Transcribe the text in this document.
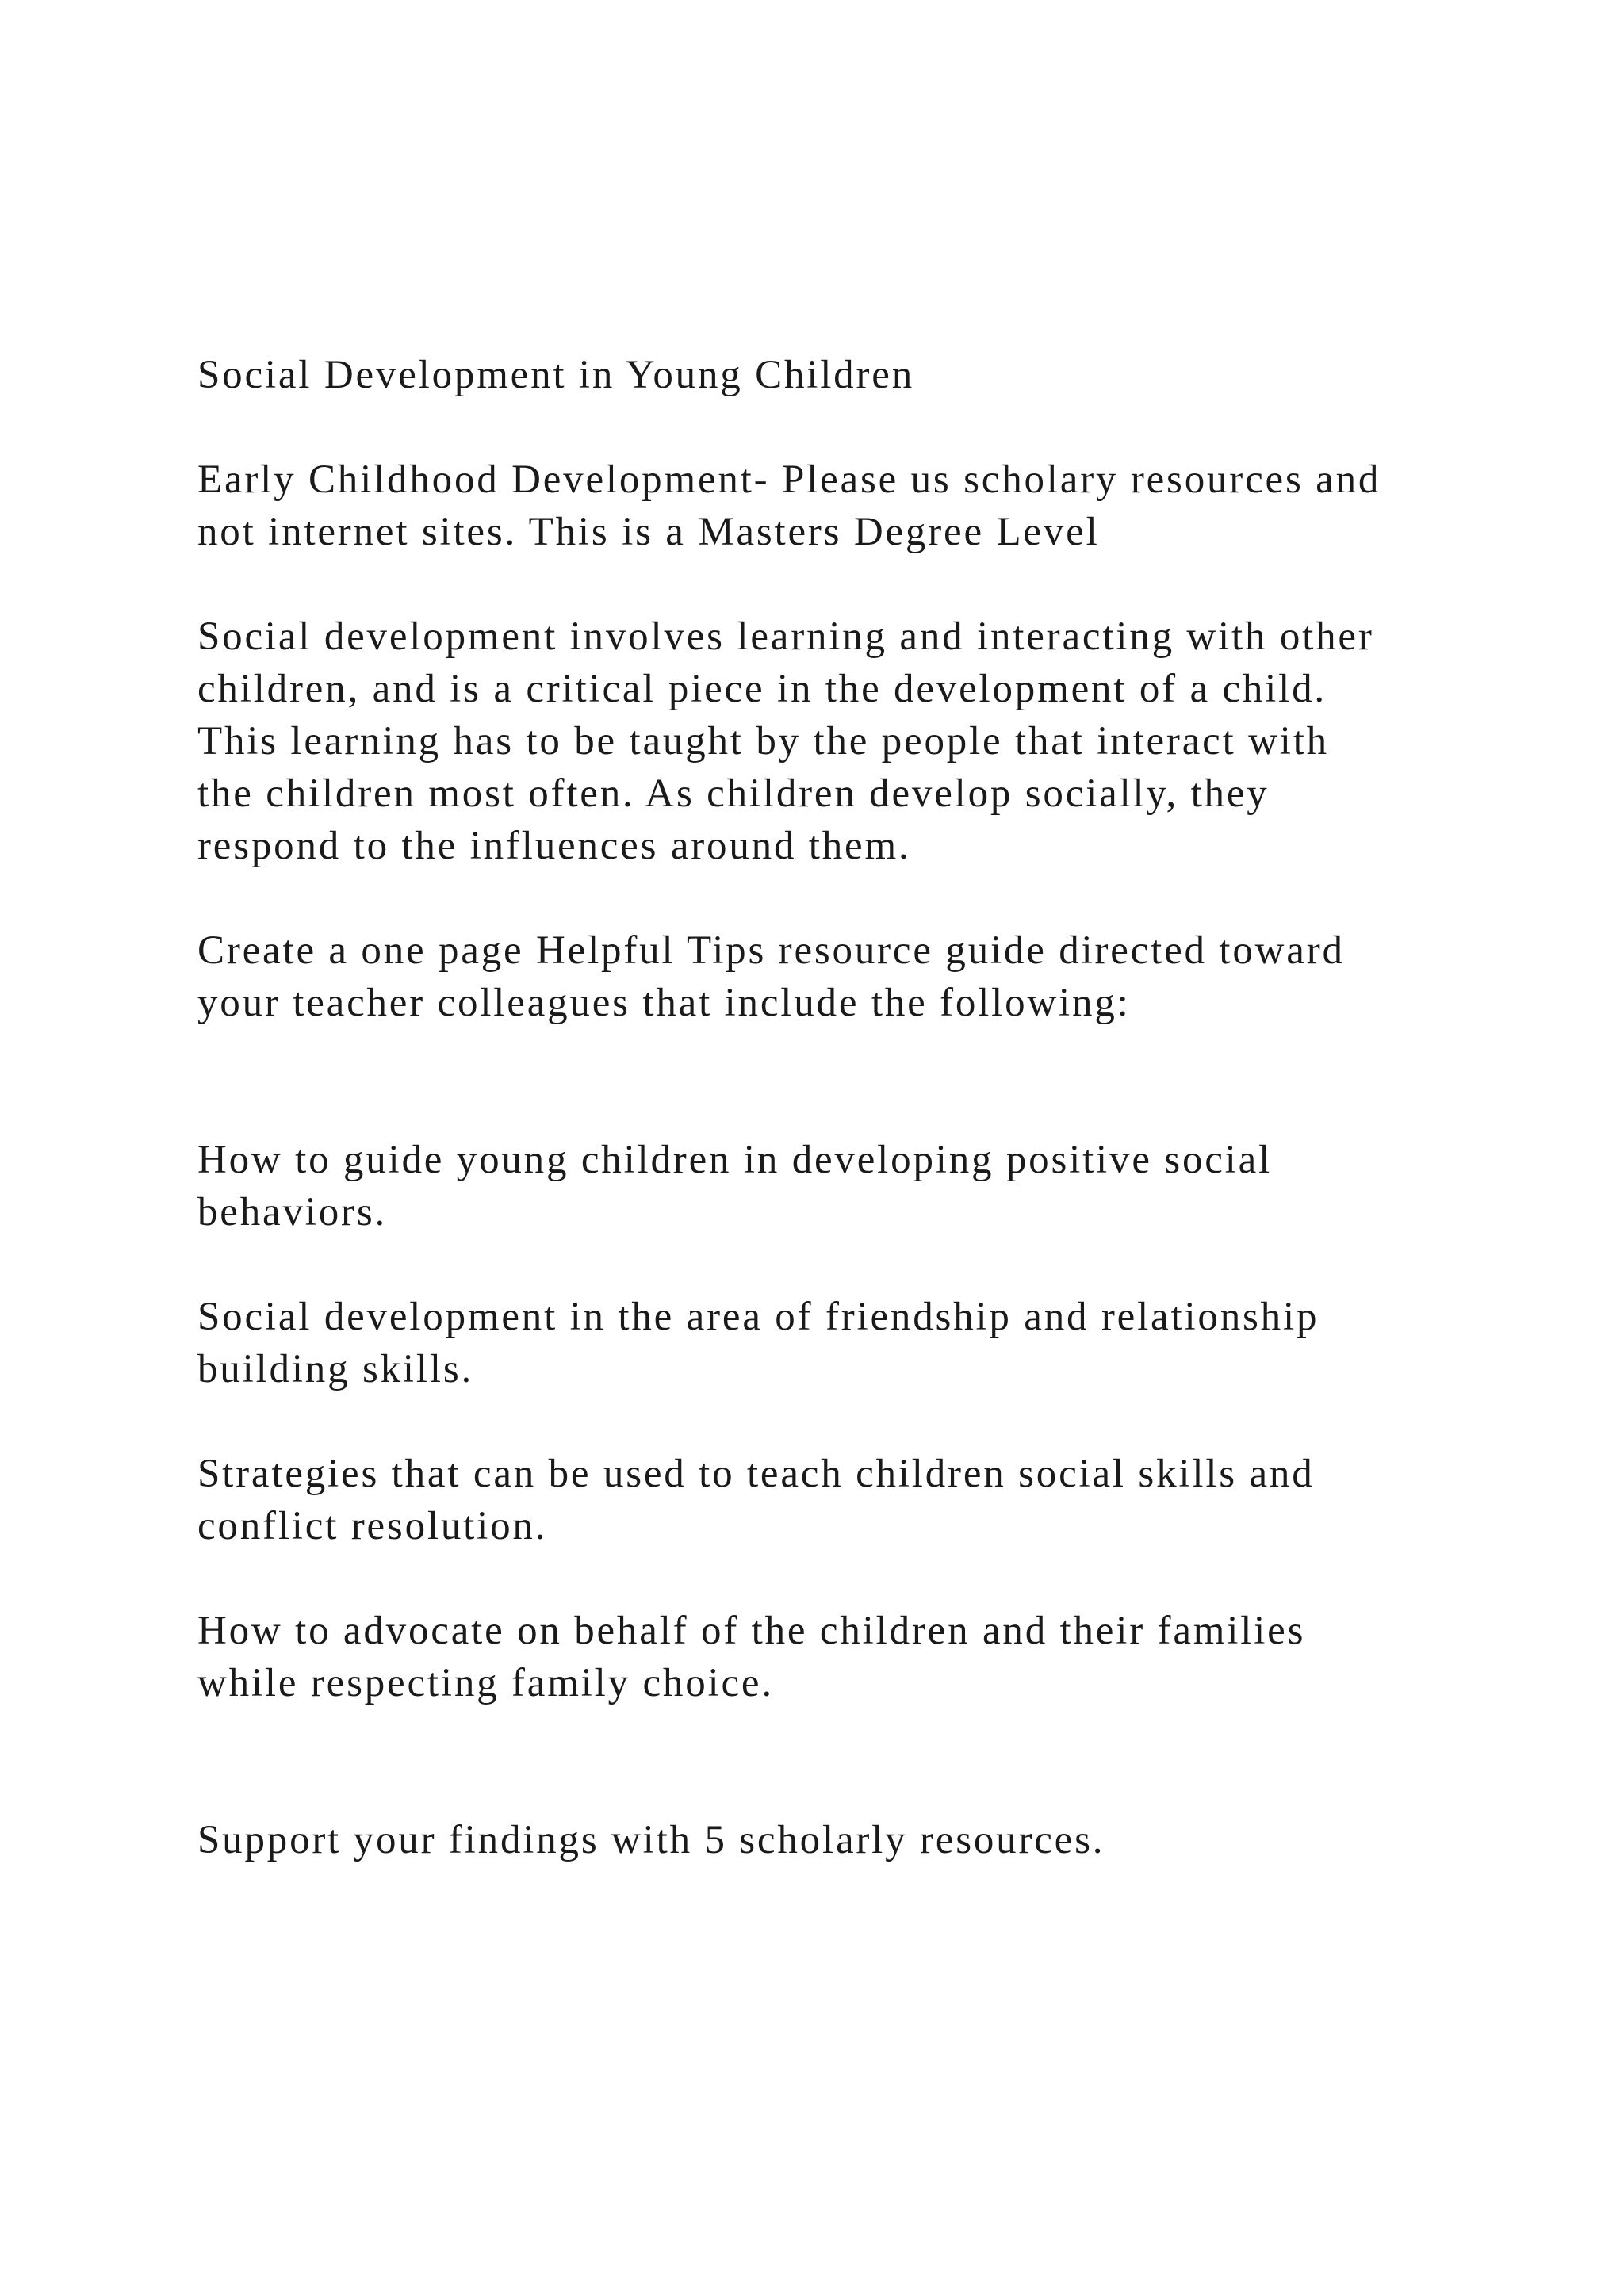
Social Development in Young Children

Early Childhood Development- Please us scholary resources and
not internet sites. This is a Masters Degree Level

Social development involves learning and interacting with other
children, and is a critical piece in the development of a child.
This learning has to be taught by the people that interact with
the children most often. As children develop socially, they
respond to the influences around them.

Create a one page Helpful Tips resource guide directed toward
your teacher colleagues that include the following:

How to guide young children in developing positive social
behaviors.

Social development in the area of friendship and relationship
building skills.

Strategies that can be used to teach children social skills and
conflict resolution.

How to advocate on behalf of the children and their families
while respecting family choice.

Support your findings with 5 scholarly resources.
